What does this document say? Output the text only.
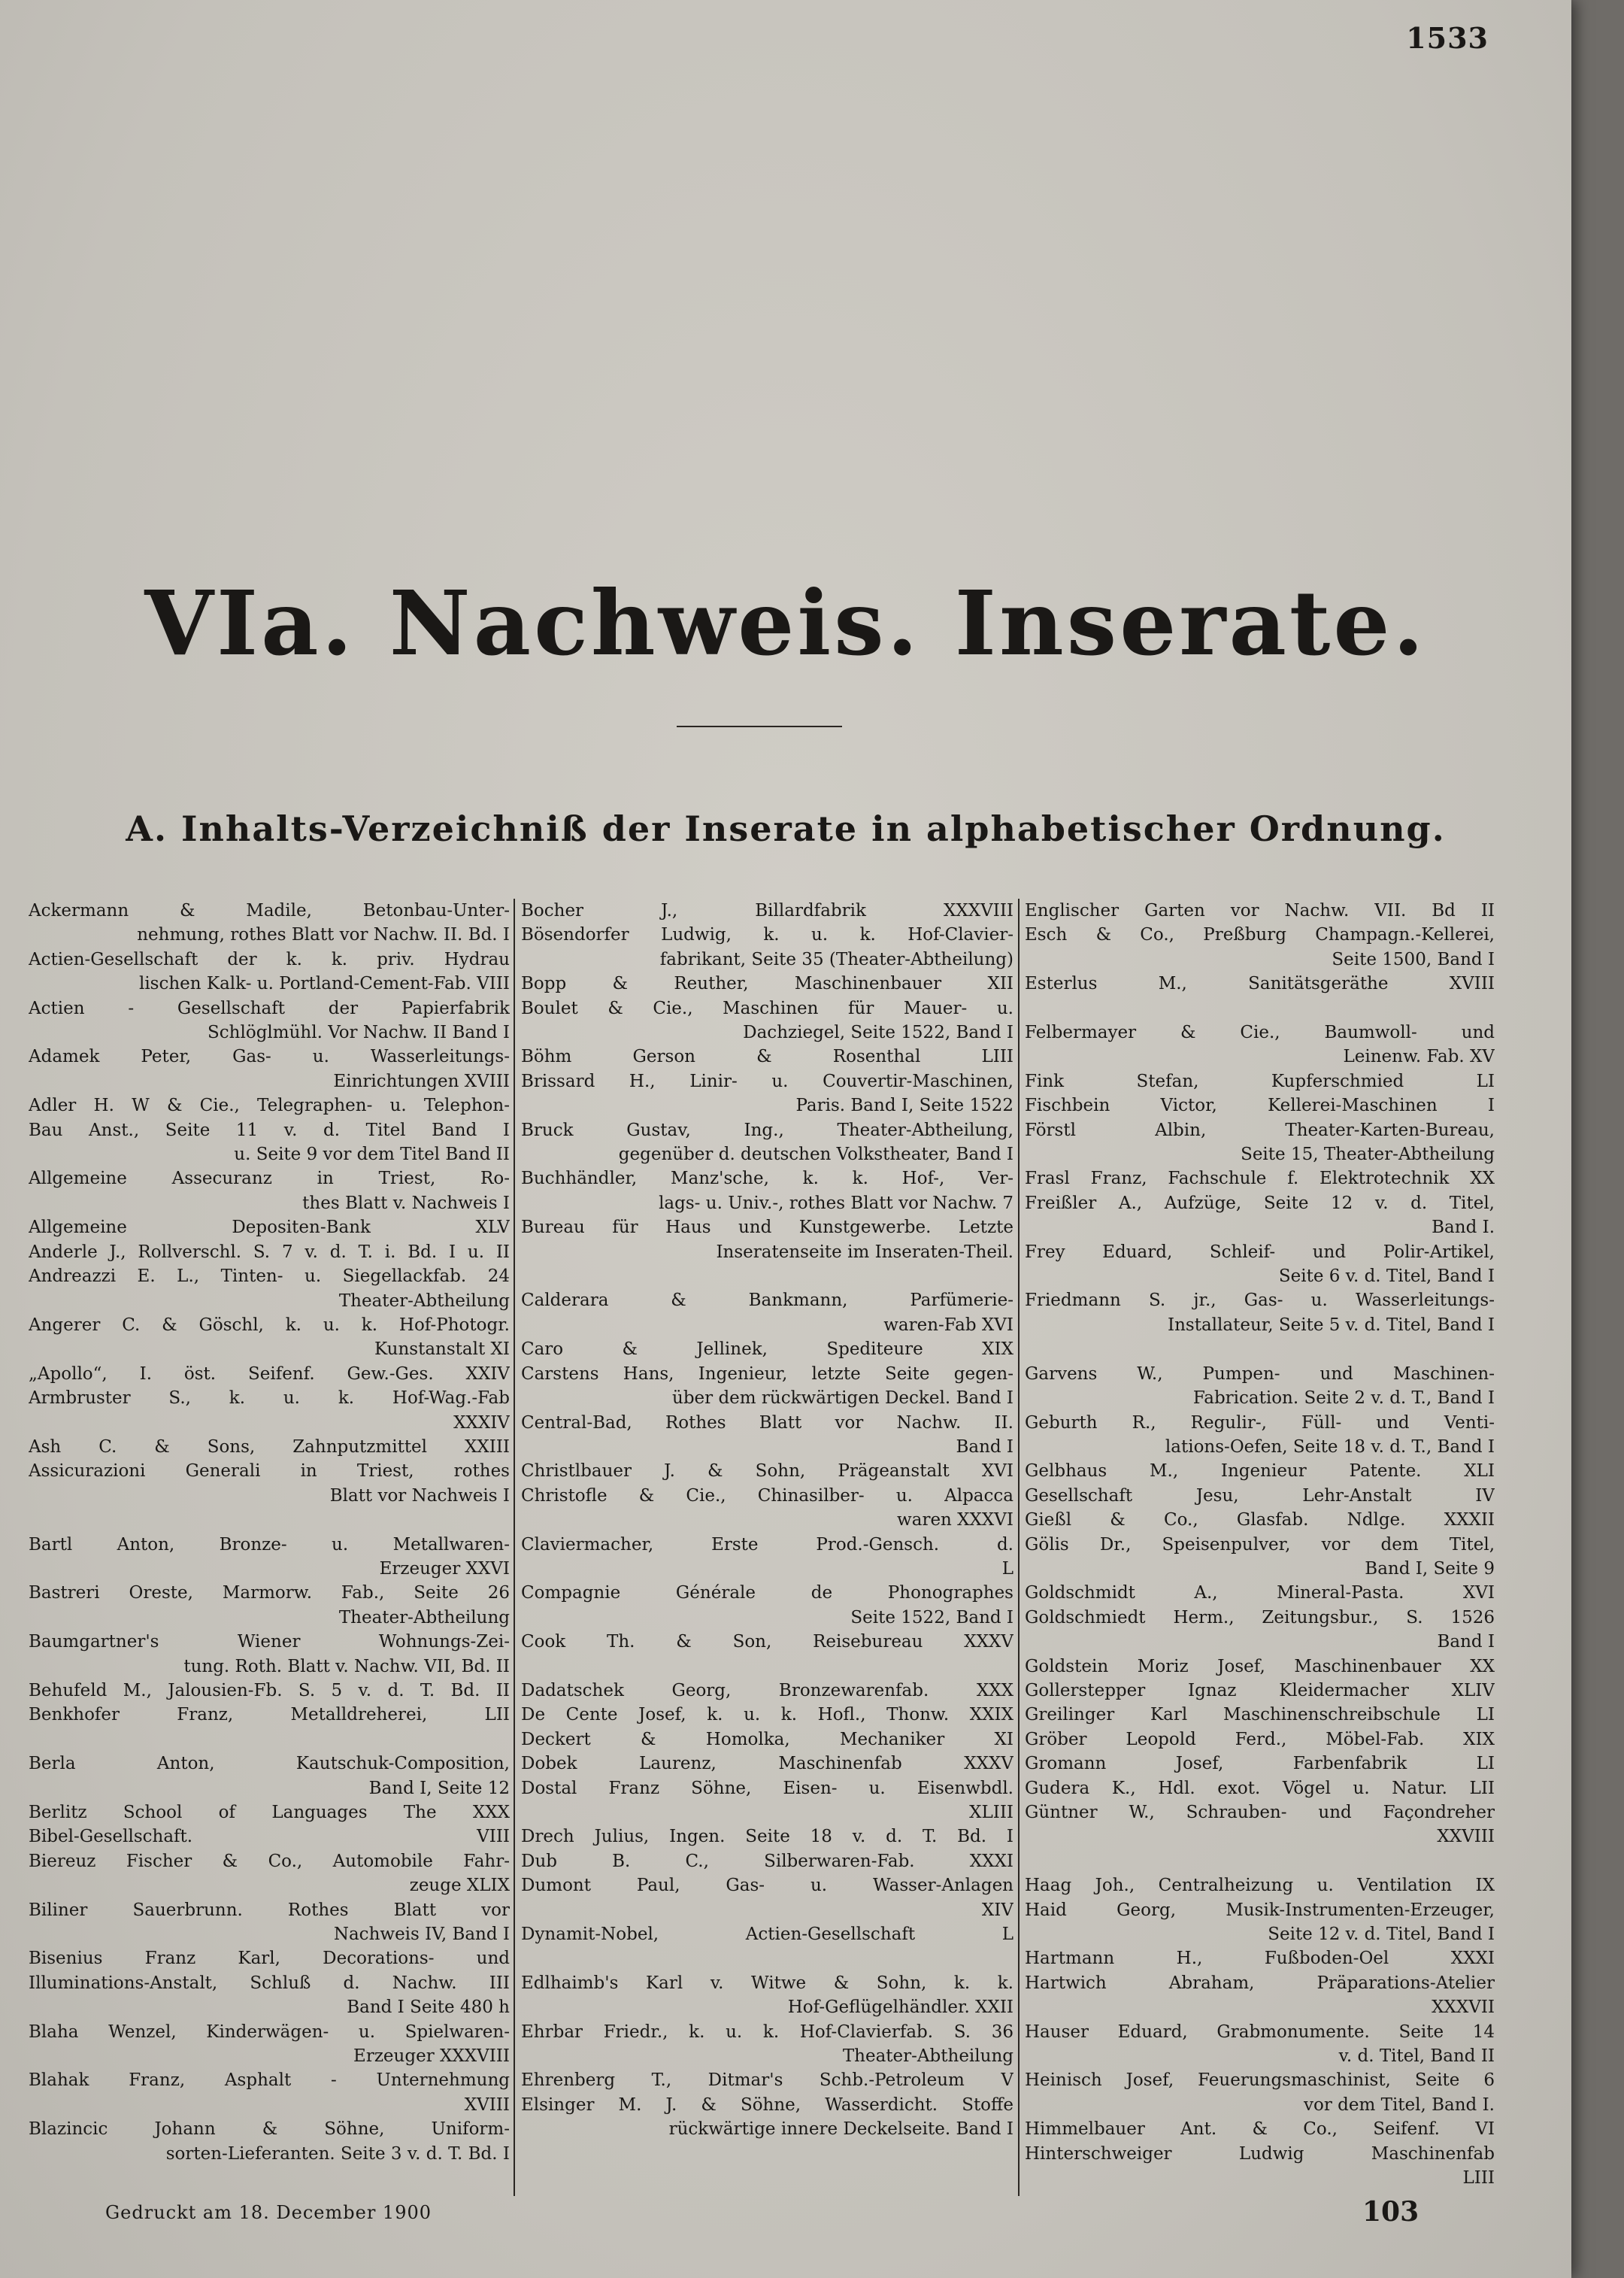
1533
VIa. Nachweis. Inserate.
A. Inhalts-Verzeichniß der Inserate in alphabetischer Ordnung.
Ackermann & Madile, Betonbau-Unter-
nehmung, rothes Blatt vor Nachw. II. Bd. I
Actien-Gesellschaft der k. k. priv. Hydrau
lischen Kalk- u. Portland-Cement-Fab. VIII
Actien - Gesellschaft der Papierfabrik
Schlöglmühl. Vor Nachw. II Band I
Adamek Peter, Gas- u. Wasserleitungs-
Einrichtungen XVIII
Adler H. W & Cie., Telegraphen- u. Telephon-
Bau Anst., Seite 11 v. d. Titel Band I
u. Seite 9 vor dem Titel Band II
Allgemeine Assecuranz in Triest, Ro-
thes Blatt v. Nachweis I
Allgemeine Depositen-Bank XLV
Anderle J., Rollverschl. S. 7 v. d. T. i. Bd. I u. II
Andreazzi E. L., Tinten- u. Siegellackfab. 24
Theater-Abtheilung
Angerer C. & Göschl, k. u. k. Hof-Photogr.
Kunstanstalt XI
„Apollo“, I. öst. Seifenf. Gew.-Ges. XXIV
Armbruster S., k. u. k. Hof-Wag.-Fab
XXXIV
Ash C. & Sons, Zahnputzmittel XXIII
Assicurazioni Generali in Triest, rothes
Blatt vor Nachweis I
Bartl Anton, Bronze- u. Metallwaren-
Erzeuger XXVI
Bastreri Oreste, Marmorw. Fab., Seite 26
Theater-Abtheilung
Baumgartner's Wiener Wohnungs-Zei-
tung. Roth. Blatt v. Nachw. VII, Bd. II
Behufeld M., Jalousien-Fb. S. 5 v. d. T. Bd. II
Benkhofer Franz, Metalldreherei, LII
Berla Anton, Kautschuk-Composition,
Band I, Seite 12
Berlitz School of Languages The XXX
Bibel-Gesellschaft. VIII
Biereuz Fischer & Co., Automobile Fahr-
zeuge XLIX
Biliner Sauerbrunn. Rothes Blatt vor
Nachweis IV, Band I
Bisenius Franz Karl, Decorations- und
Illuminations-Anstalt, Schluß d. Nachw. III
Band I Seite 480 h
Blaha Wenzel, Kinderwägen- u. Spielwaren-
Erzeuger XXXVIII
Blahak Franz, Asphalt - Unternehmung
XVIII
Blazincic Johann & Söhne, Uniform-
sorten-Lieferanten. Seite 3 v. d. T. Bd. I
Bocher J., Billardfabrik XXXVIII
Bösendorfer Ludwig, k. u. k. Hof-Clavier-
fabrikant, Seite 35 (Theater-Abtheilung)
Bopp & Reuther, Maschinenbauer XII
Boulet & Cie., Maschinen für Mauer- u.
Dachziegel, Seite 1522, Band I
Böhm Gerson & Rosenthal LIII
Brissard H., Linir- u. Couvertir-Maschinen,
Paris. Band I, Seite 1522
Bruck Gustav, Ing., Theater-Abtheilung,
gegenüber d. deutschen Volkstheater, Band I
Buchhändler, Manz'sche, k. k. Hof-, Ver-
lags- u. Univ.-, rothes Blatt vor Nachw. 7
Bureau für Haus und Kunstgewerbe. Letzte
Inseratenseite im Inseraten-Theil.
Calderara & Bankmann, Parfümerie-
waren-Fab XVI
Caro & Jellinek, Spediteure XIX
Carstens Hans, Ingenieur, letzte Seite gegen-
über dem rückwärtigen Deckel. Band I
Central-Bad, Rothes Blatt vor Nachw. II.
Band I
Christlbauer J. & Sohn, Prägeanstalt XVI
Christofle & Cie., Chinasilber- u. Alpacca
waren XXXVI
Claviermacher, Erste Prod.-Gensch. d.
L
Compagnie Générale de Phonographes
Seite 1522, Band I
Cook Th. & Son, Reisebureau XXXV
Dadatschek Georg, Bronzewarenfab. XXX
De Cente Josef, k. u. k. Hofl., Thonw. XXIX
Deckert & Homolka, Mechaniker XI
Dobek Laurenz, Maschinenfab XXXV
Dostal Franz Söhne, Eisen- u. Eisenwbdl.
XLIII
Drech Julius, Ingen. Seite 18 v. d. T. Bd. I
Dub B. C., Silberwaren-Fab. XXXI
Dumont Paul, Gas- u. Wasser-Anlagen
XIV
Dynamit-Nobel, Actien-Gesellschaft L
Edlhaimb's Karl v. Witwe & Sohn, k. k.
Hof-Geflügelhändler. XXII
Ehrbar Friedr., k. u. k. Hof-Clavierfab. S. 36
Theater-Abtheilung
Ehrenberg T., Ditmar's Schb.-Petroleum V
Elsinger M. J. & Söhne, Wasserdicht. Stoffe
rückwärtige innere Deckelseite. Band I
Englischer Garten vor Nachw. VII. Bd II
Esch & Co., Preßburg Champagn.-Kellerei,
Seite 1500, Band I
Esterlus M., Sanitätsgeräthe XVIII
Felbermayer & Cie., Baumwoll- und
Leinenw. Fab. XV
Fink Stefan, Kupferschmied LI
Fischbein Victor, Kellerei-Maschinen I
Förstl Albin, Theater-Karten-Bureau,
Seite 15, Theater-Abtheilung
Frasl Franz, Fachschule f. Elektrotechnik XX
Freißler A., Aufzüge, Seite 12 v. d. Titel,
Band I.
Frey Eduard, Schleif- und Polir-Artikel,
Seite 6 v. d. Titel, Band I
Friedmann S. jr., Gas- u. Wasserleitungs-
Installateur, Seite 5 v. d. Titel, Band I
Garvens W., Pumpen- und Maschinen-
Fabrication. Seite 2 v. d. T., Band I
Geburth R., Regulir-, Füll- und Venti-
lations-Oefen, Seite 18 v. d. T., Band I
Gelbhaus M., Ingenieur Patente. XLI
Gesellschaft Jesu, Lehr-Anstalt IV
Gießl & Co., Glasfab. Ndlge. XXXII
Gölis Dr., Speisenpulver, vor dem Titel,
Band I, Seite 9
Goldschmidt A., Mineral-Pasta. XVI
Goldschmiedt Herm., Zeitungsbur., S. 1526
Band I
Goldstein Moriz Josef, Maschinenbauer XX
Gollerstepper Ignaz Kleidermacher XLIV
Greilinger Karl Maschinenschreibschule LI
Gröber Leopold Ferd., Möbel-Fab. XIX
Gromann Josef, Farbenfabrik LI
Gudera K., Hdl. exot. Vögel u. Natur. LII
Güntner W., Schrauben- und Façondreher
XXVIII
Haag Joh., Centralheizung u. Ventilation IX
Haid Georg, Musik-Instrumenten-Erzeuger,
Seite 12 v. d. Titel, Band I
Hartmann H., Fußboden-Oel XXXI
Hartwich Abraham, Präparations-Atelier
XXXVII
Hauser Eduard, Grabmonumente. Seite 14
v. d. Titel, Band II
Heinisch Josef, Feuerungsmaschinist, Seite 6
vor dem Titel, Band I.
Himmelbauer Ant. & Co., Seifenf. VI
Hinterschweiger Ludwig Maschinenfab
LIII
Gedruckt am 18. December 1900	103
